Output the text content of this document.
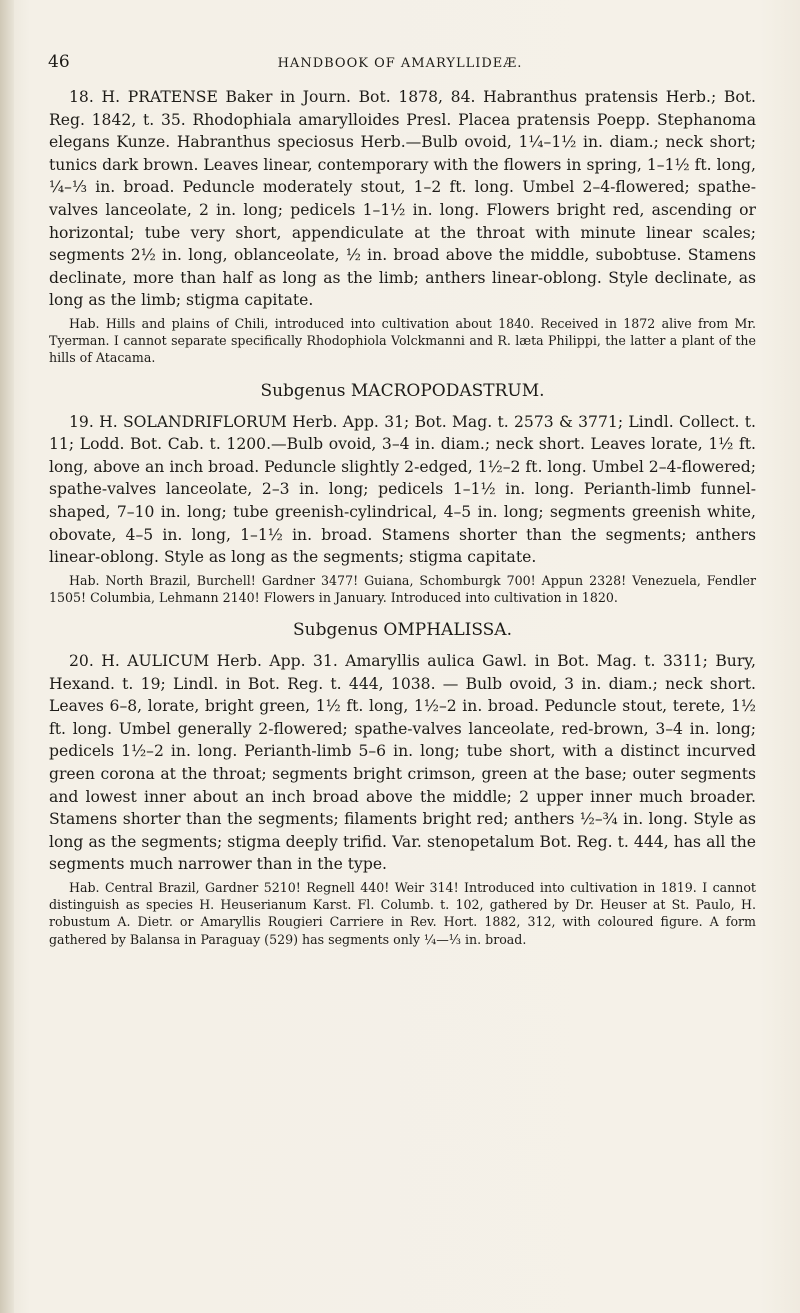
46	HANDBOOK OF AMARYLLIDEÆ.

18. H. PRATENSE Baker in Journ. Bot. 1878, 84. Habranthus pratensis Herb.; Bot. Reg. 1842, t. 35. Rhodophiala amarylloides Presl. Placea pratensis Poepp. Stephanoma elegans Kunze. Habranthus speciosus Herb.—Bulb ovoid, 1¼–1½ in. diam.; neck short; tunics dark brown. Leaves linear, contemporary with the flowers in spring, 1–1½ ft. long, ¼–⅓ in. broad. Peduncle moderately stout, 1–2 ft. long. Umbel 2–4-flowered; spathe-valves lanceolate, 2 in. long; pedicels 1–1½ in. long. Flowers bright red, ascending or horizontal; tube very short, appendiculate at the throat with minute linear scales; segments 2½ in. long, oblanceolate, ½ in. broad above the middle, subobtuse. Stamens declinate, more than half as long as the limb; anthers linear-oblong. Style declinate, as long as the limb; stigma capitate.

Hab. Hills and plains of Chili, introduced into cultivation about 1840. Received in 1872 alive from Mr. Tyerman. I cannot separate specifically Rhodophiola Volckmanni and R. læta Philippi, the latter a plant of the hills of Atacama.

Subgenus MACROPODASTRUM.

19. H. SOLANDRIFLORUM Herb. App. 31; Bot. Mag. t. 2573 & 3771; Lindl. Collect. t. 11; Lodd. Bot. Cab. t. 1200.—Bulb ovoid, 3–4 in. diam.; neck short. Leaves lorate, 1½ ft. long, above an inch broad. Peduncle slightly 2-edged, 1½–2 ft. long. Umbel 2–4-flowered; spathe-valves lanceolate, 2–3 in. long; pedicels 1–1½ in. long. Perianth-limb funnel-shaped, 7–10 in. long; tube greenish-cylindrical, 4–5 in. long; segments greenish white, obovate, 4–5 in. long, 1–1½ in. broad. Stamens shorter than the segments; anthers linear-oblong. Style as long as the segments; stigma capitate.

Hab. North Brazil, Burchell! Gardner 3477! Guiana, Schomburgk 700! Appun 2328! Venezuela, Fendler 1505! Columbia, Lehmann 2140! Flowers in January. Introduced into cultivation in 1820.

Subgenus OMPHALISSA.

20. H. AULICUM Herb. App. 31. Amaryllis aulica Gawl. in Bot. Mag. t. 3311; Bury, Hexand. t. 19; Lindl. in Bot. Reg. t. 444, 1038. — Bulb ovoid, 3 in. diam.; neck short. Leaves 6–8, lorate, bright green, 1½ ft. long, 1½–2 in. broad. Peduncle stout, terete, 1½ ft. long. Umbel generally 2-flowered; spathe-valves lanceolate, red-brown, 3–4 in. long; pedicels 1½–2 in. long. Perianth-limb 5–6 in. long; tube short, with a distinct incurved green corona at the throat; segments bright crimson, green at the base; outer segments and lowest inner about an inch broad above the middle; 2 upper inner much broader. Stamens shorter than the segments; filaments bright red; anthers ½–¾ in. long. Style as long as the segments; stigma deeply trifid. Var. stenopetalum Bot. Reg. t. 444, has all the segments much narrower than in the type.

Hab. Central Brazil, Gardner 5210! Regnell 440! Weir 314! Introduced into cultivation in 1819. I cannot distinguish as species H. Heuserianum Karst. Fl. Columb. t. 102, gathered by Dr. Heuser at St. Paulo, H. robustum A. Dietr. or Amaryllis Rougieri Carriere in Rev. Hort. 1882, 312, with coloured figure. A form gathered by Balansa in Paraguay (529) has segments only ¼—⅓ in. broad.
